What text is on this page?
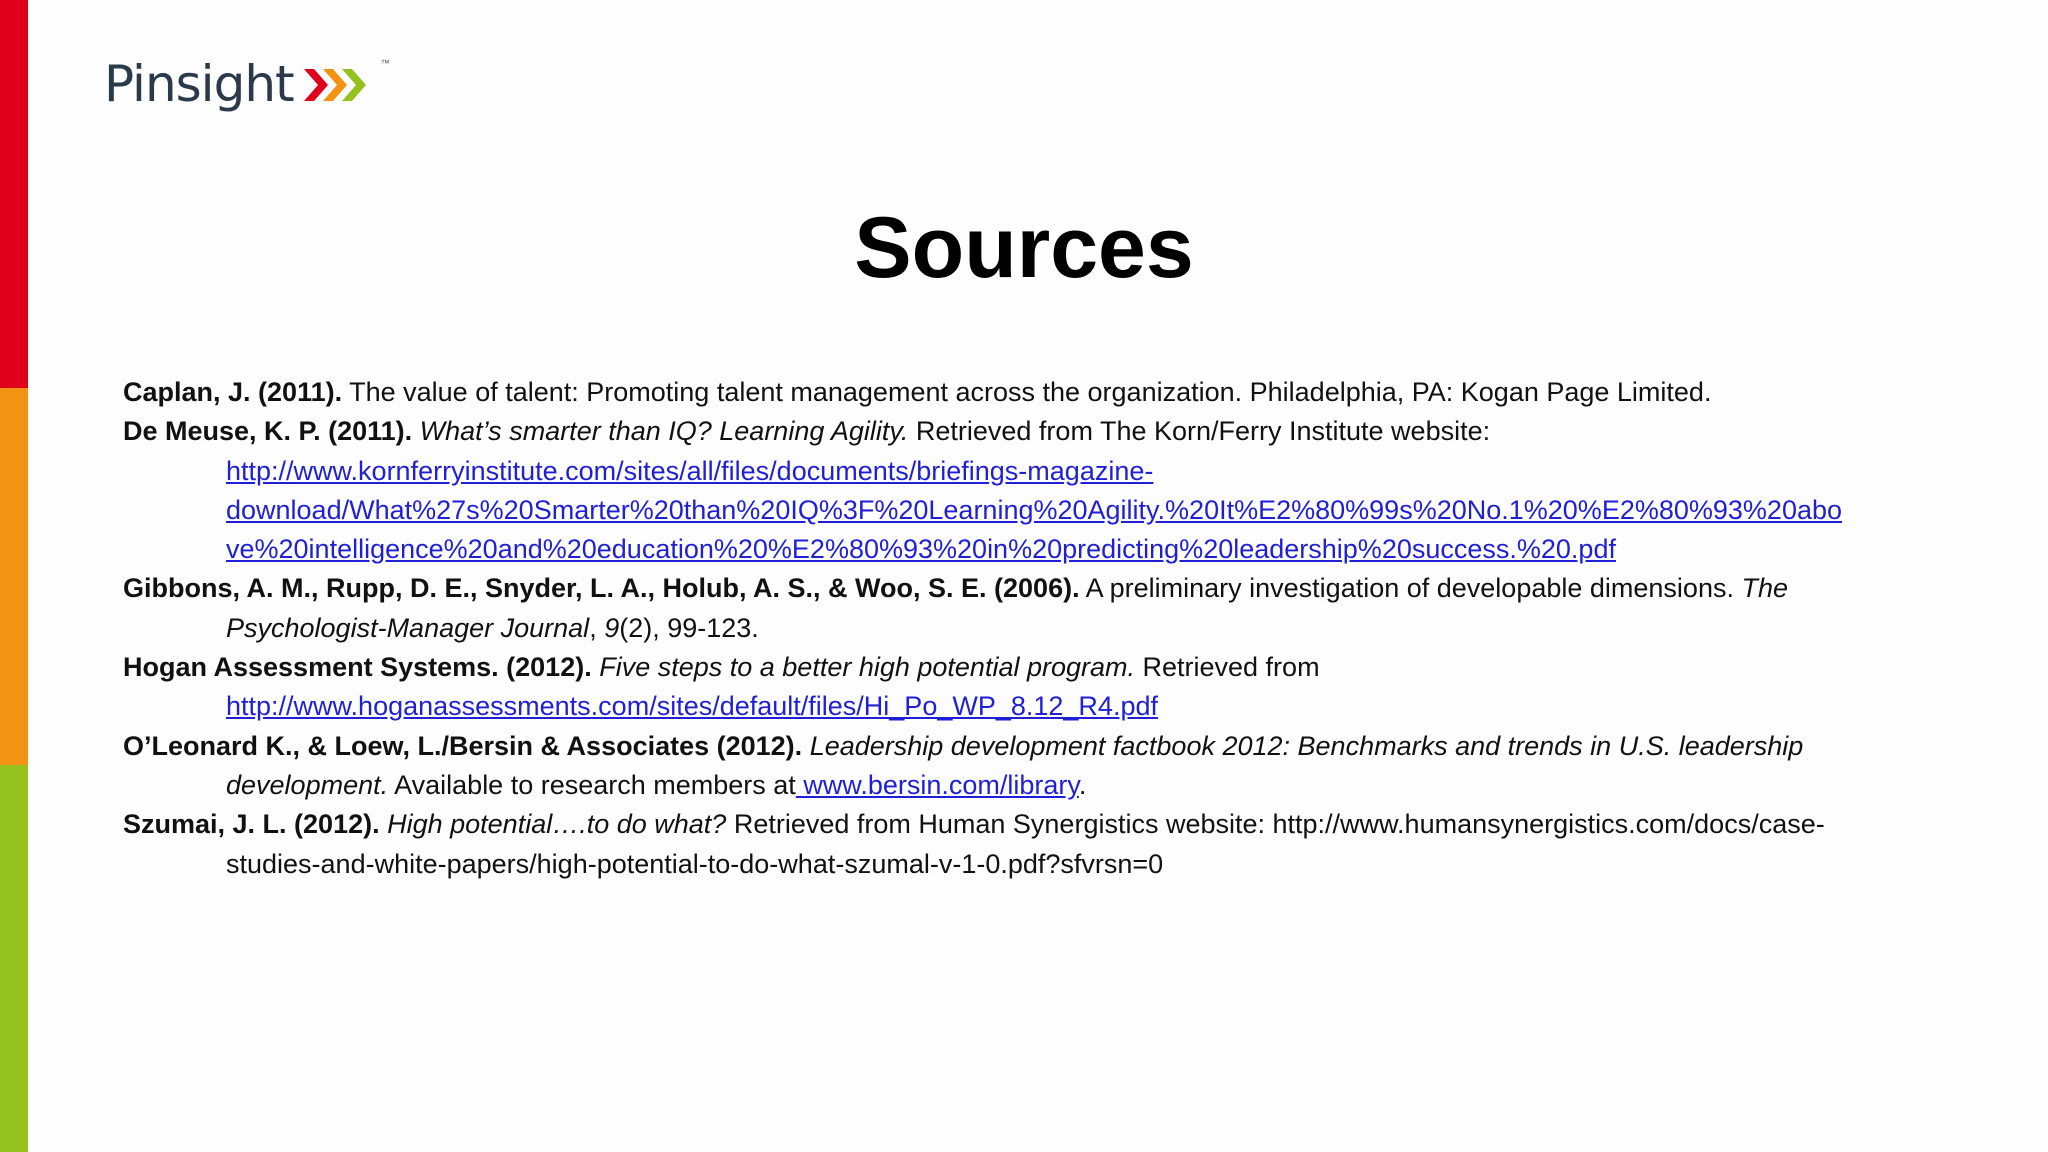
Pinsight	™
Sources
Caplan, J. (2011). The value of talent: Promoting talent management across the organization. Philadelphia, PA: Kogan Page Limited.
De Meuse, K. P. (2011). What’s smarter than IQ? Learning Agility. Retrieved from The Korn/Ferry Institute website:
http://www.kornferryinstitute.com/sites/all/files/documents/briefings-magazine-
download/What%27s%20Smarter%20than%20IQ%3F%20Learning%20Agility.%20It%E2%80%99s%20No.1%20%E2%80%93%20abo
ve%20intelligence%20and%20education%20%E2%80%93%20in%20predicting%20leadership%20success.%20.pdf
Gibbons, A. M., Rupp, D. E., Snyder, L. A., Holub, A. S., & Woo, S. E. (2006). A preliminary investigation of developable dimensions. The
Psychologist-Manager Journal, 9(2), 99-123.
Hogan Assessment Systems. (2012). Five steps to a better high potential program. Retrieved from
http://www.hoganassessments.com/sites/default/files/Hi_Po_WP_8.12_R4.pdf
O’Leonard K., & Loew, L./Bersin & Associates (2012). Leadership development factbook 2012: Benchmarks and trends in U.S. leadership
development. Available to research members at www.bersin.com/library.
Szumai, J. L. (2012). High potential….to do what? Retrieved from Human Synergistics website: http://www.humansynergistics.com/docs/case-
studies-and-white-papers/high-potential-to-do-what-szumal-v-1-0.pdf?sfvrsn=0
